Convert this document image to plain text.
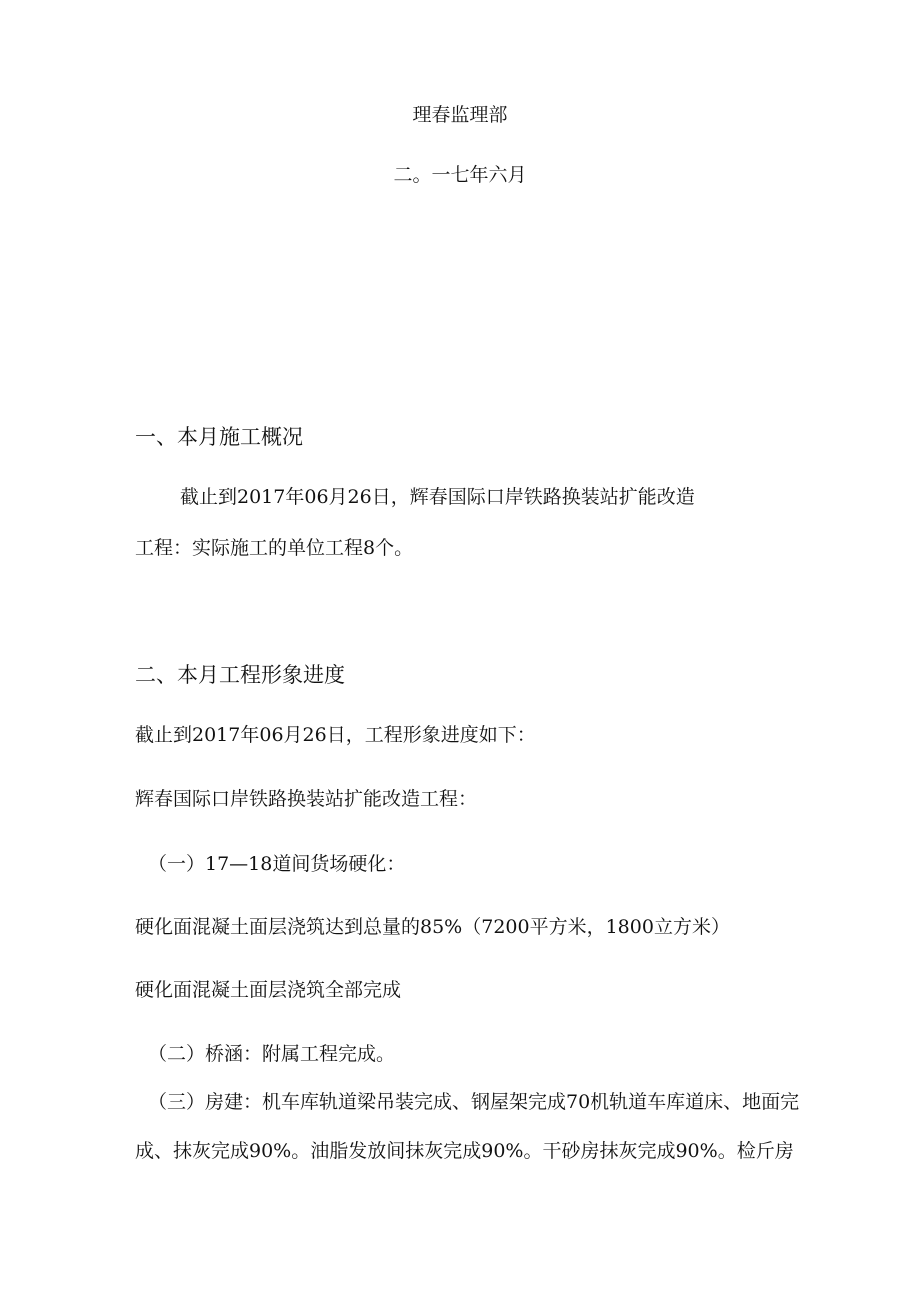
理春监理部
二。一七年六月
一、本月施工概况
截止到2017年06月26日，辉春国际口岸铁路换装站扩能改造
工程：实际施工的单位工程8个。
二、本月工程形象进度
截止到2017年06月26日，工程形象进度如下：
辉春国际口岸铁路换装站扩能改造工程：
（一）17—18道间货场硬化：
硬化面混凝土面层浇筑达到总量的85%（7200平方米，1800立方米）
硬化面混凝土面层浇筑全部完成
（二）桥涵：附属工程完成。
（三）房建：机车库轨道梁吊装完成、钢屋架完成70机轨道车库道床、地面完
成、抹灰完成90%。油脂发放间抹灰完成90%。干砂房抹灰完成90%。检斤房
